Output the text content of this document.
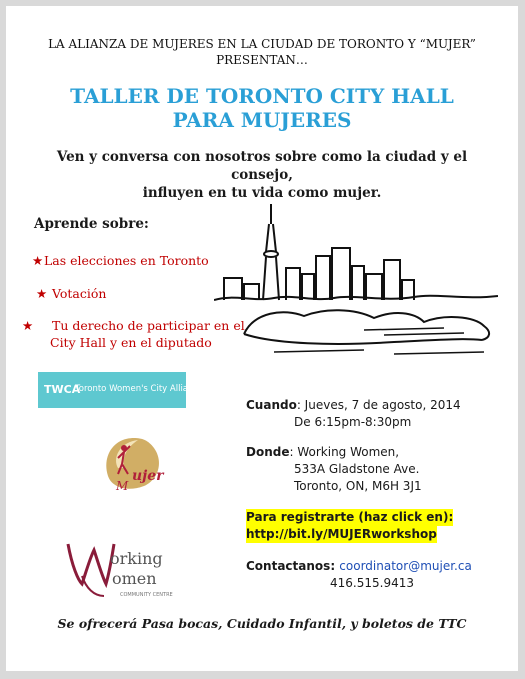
LA ALIANZA DE MUJERES EN LA CIUDAD DE TORONTO Y “MUJER”
PRESENTAN…
TALLER DE TORONTO CITY HALL
PARA MUJERES
Ven y conversa con nosotros sobre como la ciudad y el consejo,
influyen en tu vida como mujer.
Aprende sobre:
★Las elecciones en Toronto
★ Votación
★ Tu derecho de participar en el City Hall y en el diputado
TWCA
Toronto Women's City Alliance
M
ujer
orking
omen
COMMUNITY CENTRE
Cuando: Jueves, 7 de agosto, 2014
De 6:15pm-8:30pm
Donde: Working Women,
533A Gladstone Ave.
Toronto, ON, M6H 3J1
Para registrarte (haz click en):
http://bit.ly/MUJERworkshop
Contactanos: coordinator@mujer.ca
416.515.9413
Se ofrecerá Pasa bocas, Cuidado Infantil, y boletos de TTC
